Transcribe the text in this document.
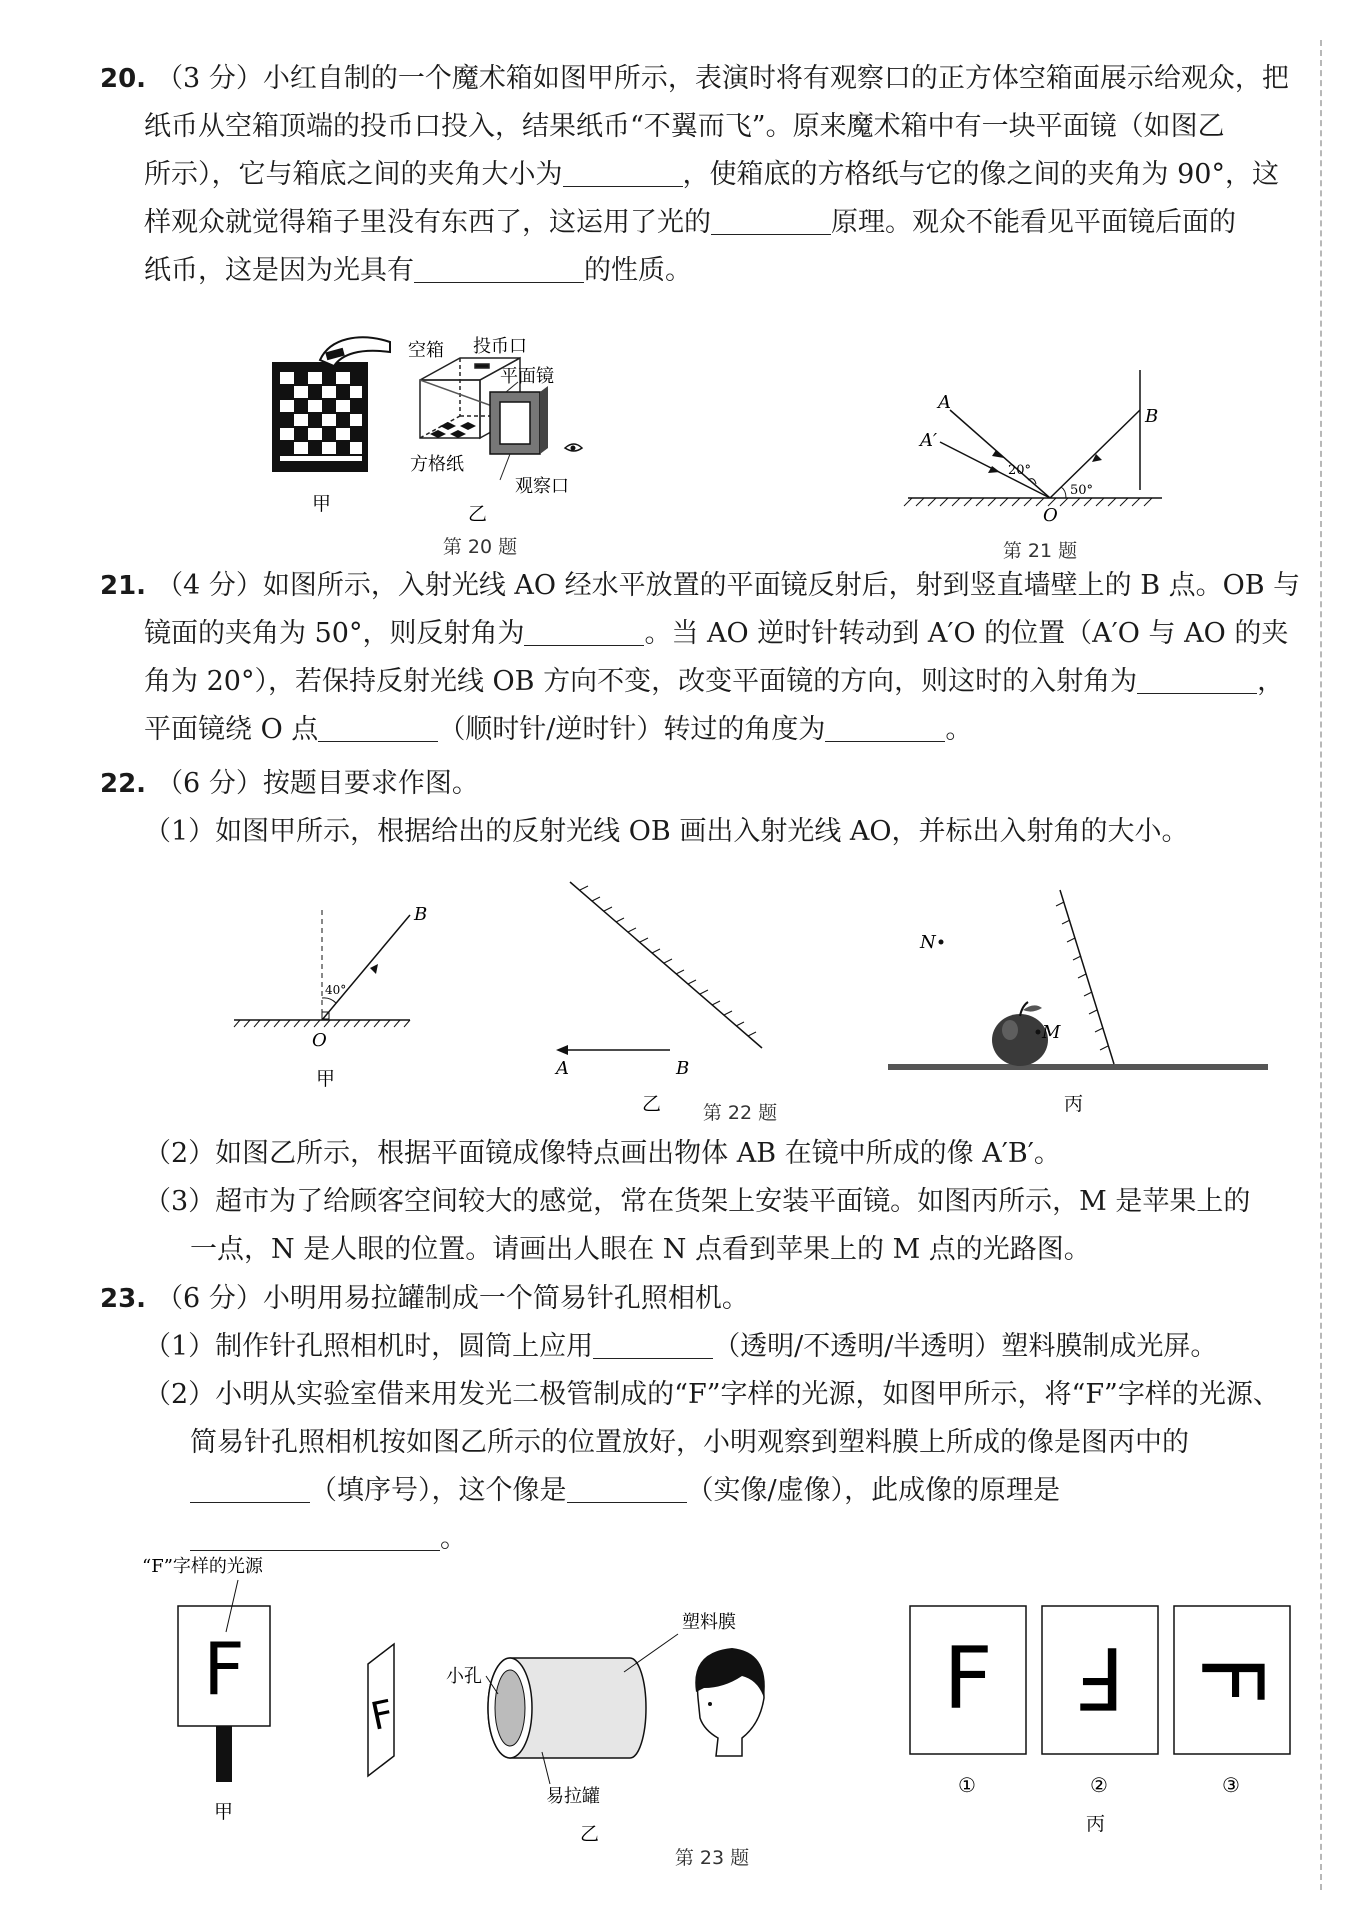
20. （3 分）小红自制的一个魔术箱如图甲所示，表演时将有观察口的正方体空箱面展示给观众，把

纸币从空箱顶端的投币口投入，结果纸币“不翼而飞”。原来魔术箱中有一块平面镜（如图乙

所示），它与箱底之间的夹角大小为	，使箱底的方格纸与它的像之间的夹角为 90°，这

样观众就觉得箱子里没有东西了，这运用了光的	原理。观众不能看见平面镜后面的

纸币，这是因为光具有	的性质。

甲
空箱 投币口
平面镜
方格纸
观察口
乙
第 20 题
A
A′
B
O
20°
50°
第 21 题

21. （4 分）如图所示，入射光线 AO 经水平放置的平面镜反射后，射到竖直墙壁上的 B 点。OB 与

镜面的夹角为 50°，则反射角为	。当 AO 逆时针转动到 A′O 的位置（A′O 与 AO 的夹

角为 20°），若保持反射光线 OB 方向不变，改变平面镜的方向，则这时的入射角为	，

平面镜绕 O 点	（顺时针/逆时针）转过的角度为	。

22. （6 分）按题目要求作图。

（1）如图甲所示，根据给出的反射光线 OB 画出入射光线 AO，并标出入射角的大小。

B
O
40°
甲	A	B
乙
N
M
丙
第 22 题

（2）如图乙所示，根据平面镜成像特点画出物体 AB 在镜中所成的像 A′B′。

（3）超市为了给顾客空间较大的感觉，常在货架上安装平面镜。如图丙所示，M 是苹果上的

一点，N 是人眼的位置。请画出人眼在 N 点看到苹果上的 M 点的光路图。

23. （6 分）小明用易拉罐制成一个简易针孔照相机。

（1）制作针孔照相机时，圆筒上应用	（透明/不透明/半透明）塑料膜制成光屏。

（2）小明从实验室借来用发光二极管制成的“F”字样的光源，如图甲所示，将“F”字样的光源、

简易针孔照相机按如图乙所示的位置放好，小明观察到塑料膜上所成的像是图丙中的

（填序号），这个像是	（实像/虚像），此成像的原理是。

“F”字样的光源
F
甲
F
小孔
塑料膜
易拉罐
乙
F F F
①	②	③
丙
第 23 题
